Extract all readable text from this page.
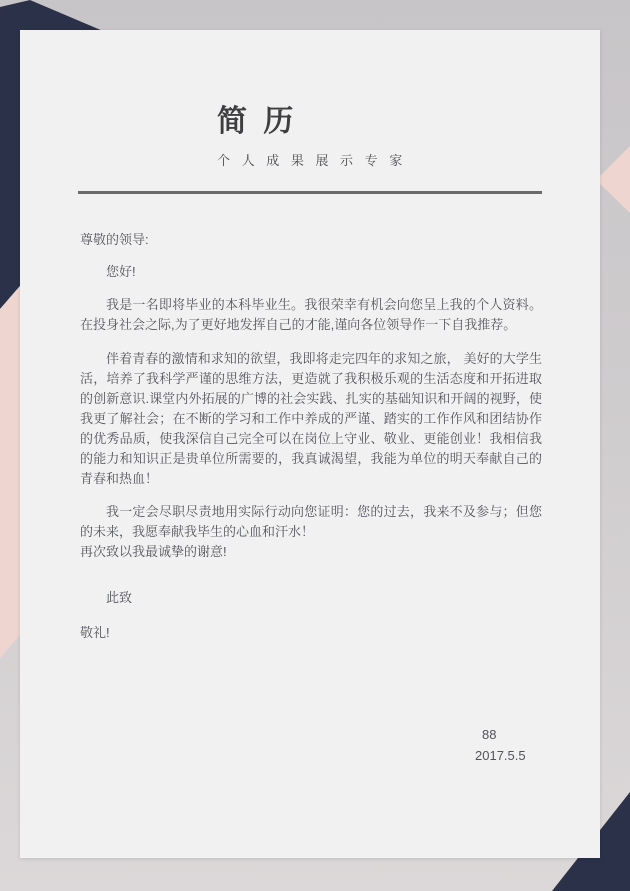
简 历
个 人 成 果 展 示 专 家

尊敬的领导:

您好!

我是一名即将毕业的本科毕业生。我很荣幸有机会向您呈上我的个人资料。在投身社会之际,为了更好地发挥自己的才能,谨向各位领导作一下自我推荐。

伴着青春的激情和求知的欲望，我即将走完四年的求知之旅， 美好的大学生活，培养了我科学严谨的思维方法，更造就了我积极乐观的生活态度和开拓进取的创新意识.课堂内外拓展的广博的社会实践、扎实的基础知识和开阔的视野，使我更了解社会；在不断的学习和工作中养成的严谨、踏实的工作作风和团结协作的优秀品质，使我深信自己完全可以在岗位上守业、敬业、更能创业！我相信我的能力和知识正是贵单位所需要的，我真诚渴望，我能为单位的明天奉献自己的青春和热血！

我一定会尽职尽责地用实际行动向您证明：您的过去，我来不及参与；但您的未来，我愿奉献我毕生的心血和汗水！

再次致以我最诚挚的谢意!

此致

敬礼!

88
2017.5.5
